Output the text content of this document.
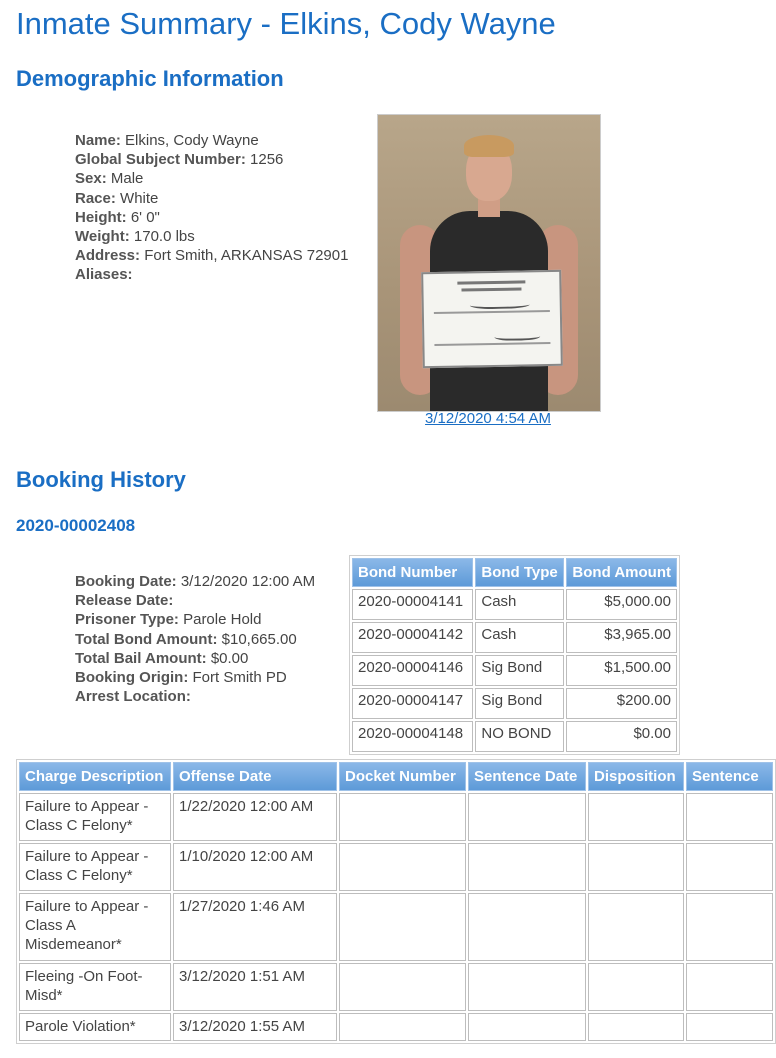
Inmate Summary - Elkins, Cody Wayne
Demographic Information
Name: Elkins, Cody Wayne
Global Subject Number: 1256
Sex: Male
Race: White
Height: 6' 0"
Weight: 170.0 lbs
Address: Fort Smith, ARKANSAS 72901
Aliases:
3/12/2020 4:54 AM
Booking History
2020-00002408
Booking Date: 3/12/2020 12:00 AM
Release Date:
Prisoner Type: Parole Hold
Total Bond Amount: $10,665.00
Total Bail Amount: $0.00
Booking Origin: Fort Smith PD
Arrest Location:
Bond Number	Bond Type	Bond Amount
2020-00004141	Cash	$5,000.00
2020-00004142	Cash	$3,965.00
2020-00004146	Sig Bond	$1,500.00
2020-00004147	Sig Bond	$200.00
2020-00004148	NO BOND	$0.00
Charge Description	Offense Date	Docket Number	Sentence Date	Disposition	Sentence
Failure to Appear - Class C Felony*	1/22/2020 12:00 AM				
Failure to Appear - Class C Felony*	1/10/2020 12:00 AM				
Failure to Appear - Class A Misdemeanor*	1/27/2020 1:46 AM				
Fleeing -On Foot-Misd*	3/12/2020 1:51 AM				
Parole Violation*	3/12/2020 1:55 AM				
